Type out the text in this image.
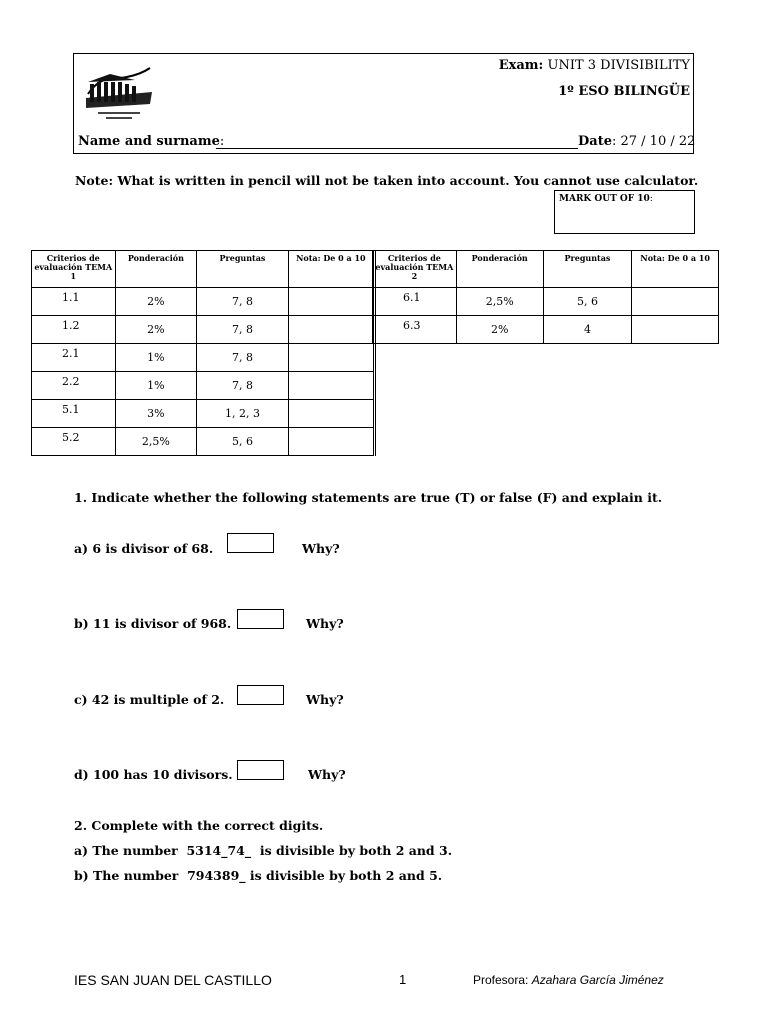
Exam: UNIT 3 DIVISIBILITY
1º ESO BILINGÜE
Name and surname:	Date: 27 / 10 / 22
Note: What is written in pencil will not be taken into account. You cannot use calculator.
MARK OUT OF 10:
Criterios de evaluación TEMA 1	Ponderación	Preguntas	Nota: De 0 a 10
1.1	2%	7, 8	
1.2	2%	7, 8	
2.1	1%	7, 8	
2.2	1%	7, 8	
5.1	3%	1, 2, 3	
5.2	2,5%	5, 6	
Criterios de evaluación TEMA 2	Ponderación	Preguntas	Nota: De 0 a 10
6.1	2,5%	5, 6	
6.3	2%	4	
1. Indicate whether the following statements are true (T) or false (F) and explain it.
a) 6 is divisor of 68.	Why?
b) 11 is divisor of 968.	Why?
c) 42 is multiple of 2.	Why?
d) 100 has 10 divisors.	Why?
2. Complete with the correct digits.
a) The number  5314_74_  is divisible by both 2 and 3.
b) The number  794389_ is divisible by both 2 and 5.
IES SAN JUAN DEL CASTILLO	1	Profesora: Azahara García Jiménez
